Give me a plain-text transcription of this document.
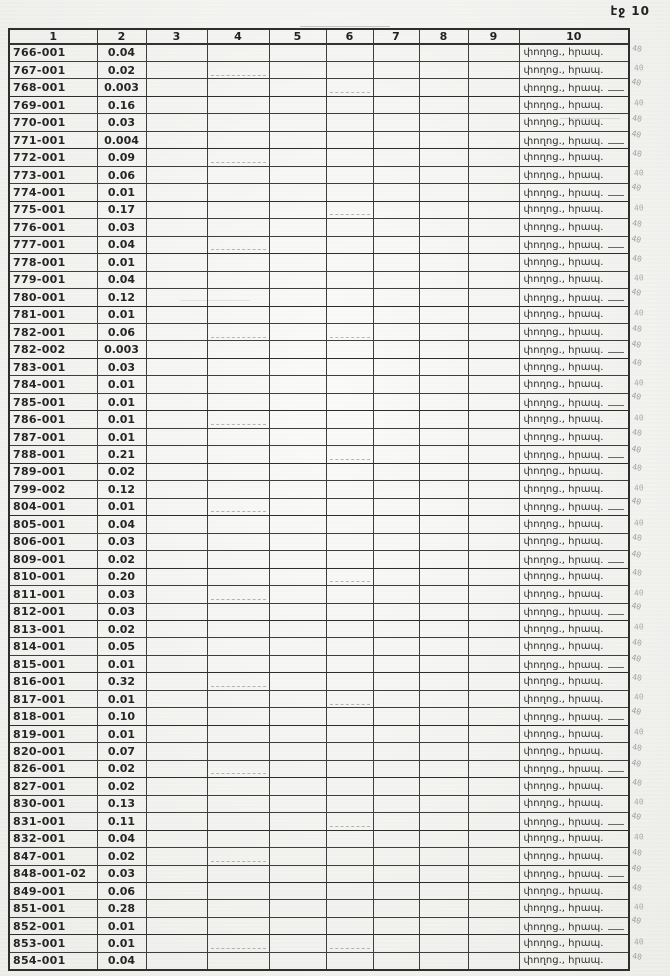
էջ 10
1	2	3	4	5	6	7	8	9	10
766-001	0.04								փողոց., հրապ.
767-001	0.02								փողոց., հրապ.
768-001	0.003								փողոց., հրապ.
769-001	0.16								փողոց., հրապ.
770-001	0.03								փողոց., հրապ.
771-001	0.004								փողոց., հրապ.
772-001	0.09								փողոց., հրապ.
773-001	0.06								փողոց., հրապ.
774-001	0.01								փողոց., հրապ.
775-001	0.17								փողոց., հրապ.
776-001	0.03								փողոց., հրապ.
777-001	0.04								փողոց., հրապ.
778-001	0.01								փողոց., հրապ.
779-001	0.04								փողոց., հրապ.
780-001	0.12								փողոց., հրապ.
781-001	0.01								փողոց., հրապ.
782-001	0.06								փողոց., հրապ.
782-002	0.003								փողոց., հրապ.
783-001	0.03								փողոց., հրապ.
784-001	0.01								փողոց., հրապ.
785-001	0.01								փողոց., հրապ.
786-001	0.01								փողոց., հրապ.
787-001	0.01								փողոց., հրապ.
788-001	0.21								փողոց., հրապ.
789-001	0.02								փողոց., հրապ.
799-002	0.12								փողոց., հրապ.
804-001	0.01								փողոց., հրապ.
805-001	0.04								փողոց., հրապ.
806-001	0.03								փողոց., հրապ.
809-001	0.02								փողոց., հրապ.
810-001	0.20								փողոց., հրապ.
811-001	0.03								փողոց., հրապ.
812-001	0.03								փողոց., հրապ.
813-001	0.02								փողոց., հրապ.
814-001	0.05								փողոց., հրապ.
815-001	0.01								փողոց., հրապ.
816-001	0.32								փողոց., հրապ.
817-001	0.01								փողոց., հրապ.
818-001	0.10								փողոց., հրապ.
819-001	0.01								փողոց., հրապ.
820-001	0.07								փողոց., հրապ.
826-001	0.02								փողոց., հրապ.
827-001	0.02								փողոց., հրապ.
830-001	0.13								փողոց., հրապ.
831-001	0.11								փողոց., հրապ.
832-001	0.04								փողոց., հրապ.
847-001	0.02								փողոց., հրապ.
848-001-02	0.03								փողոց., հրապ.
849-001	0.06								փողոց., հրապ.
851-001	0.28								փողոց., հրապ.
852-001	0.01								փողոց., հրապ.
853-001	0.01								փողոց., հրապ.
854-001	0.04								փողոց., հրապ.
40
40
40
40
40
40
40
40
40
40
40
40
40
40
40
40
40
40
40
40
40
40
40
40
40
40
40
40
40
40
40
40
40
40
40
40
40
40
40
40
40
40
40
40
40
40
40
40
40
40
40
40
40
